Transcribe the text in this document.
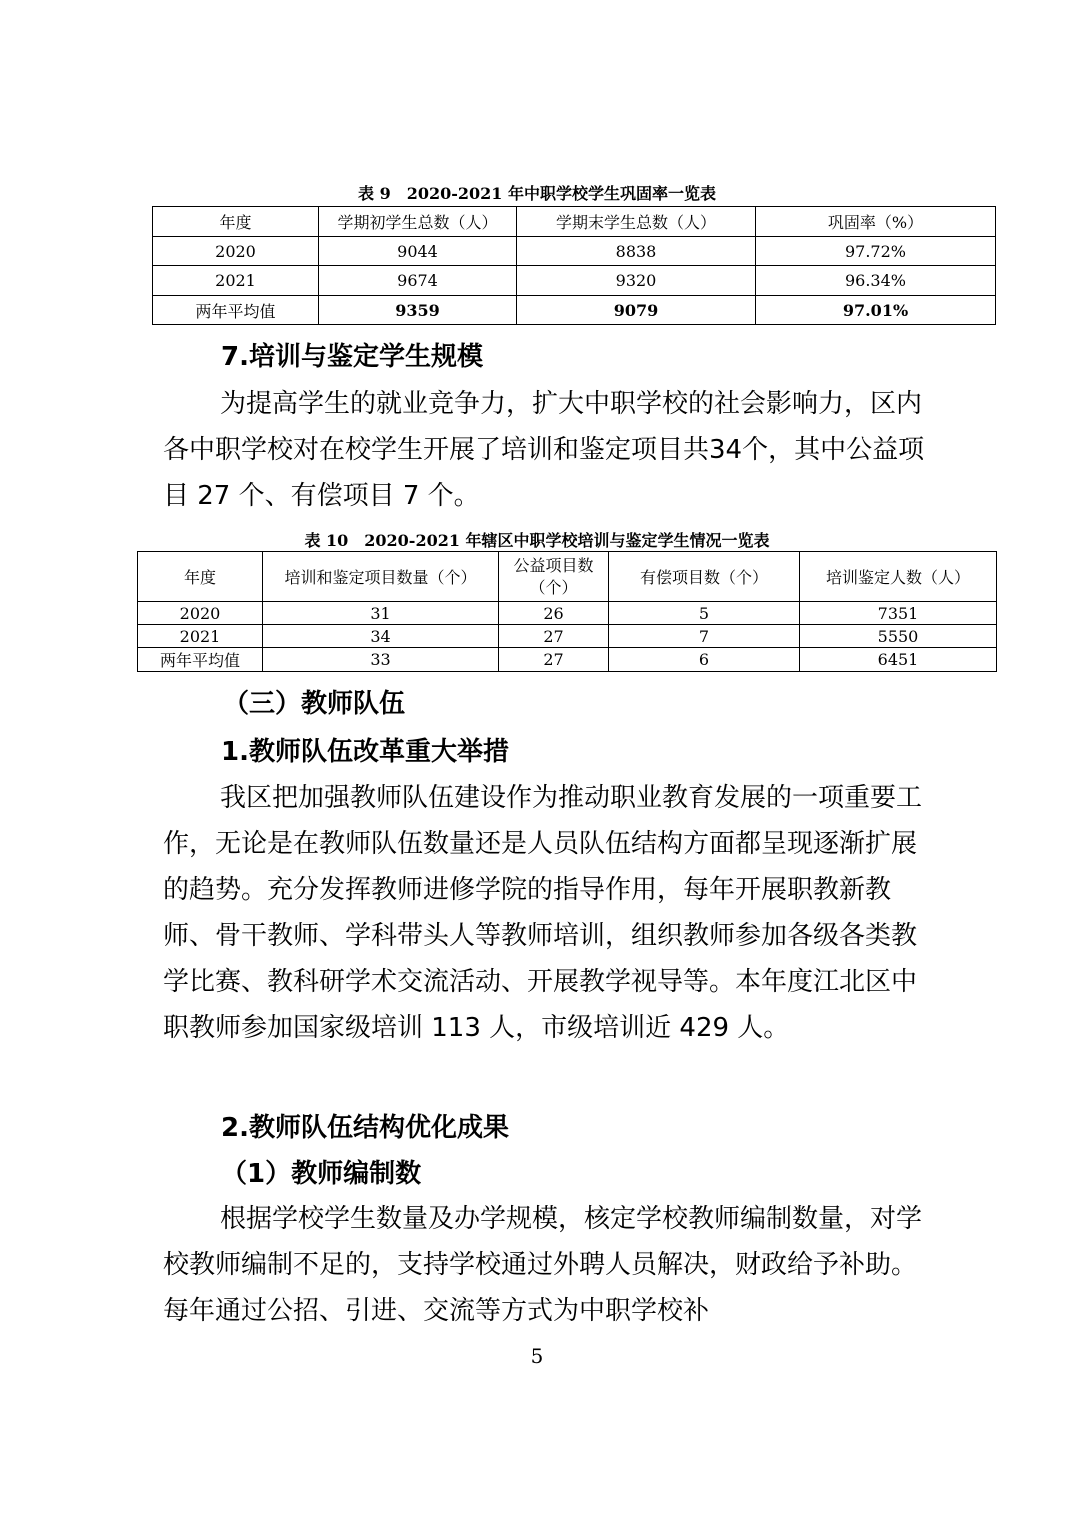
表 9　2020-2021 年中职学校学生巩固率一览表
年度	学期初学生总数（人）	学期末学生总数（人）	巩固率（%）
2020	9044	8838	97.72%
2021	9674	9320	96.34%
两年平均值	9359	9079	97.01%
7.培训与鉴定学生规模

为提高学生的就业竞争力，扩大中职学校的社会影响力，区内各中职学校对在校学生开展了培训和鉴定项目共34个，其中公益项目 27 个、有偿项目 7 个。

表 10　2020-2021 年辖区中职学校培训与鉴定学生情况一览表
年度	培训和鉴定项目数量（个）	公益项目数（个）	有偿项目数（个）	培训鉴定人数（人）
2020	31	26	5	7351
2021	34	27	7	5550
两年平均值	33	27	6	6451
（三）教师队伍
1.教师队伍改革重大举措

我区把加强教师队伍建设作为推动职业教育发展的一项重要工作，无论是在教师队伍数量还是人员队伍结构方面都呈现逐渐扩展的趋势。充分发挥教师进修学院的指导作用，每年开展职教新教师、骨干教师、学科带头人等教师培训，组织教师参加各级各类教学比赛、教科研学术交流活动、开展教学视导等。本年度江北区中职教师参加国家级培训 113 人，市级培训近 429 人。

2.教师队伍结构优化成果
（1）教师编制数

根据学校学生数量及办学规模，核定学校教师编制数量，对学校教师编制不足的，支持学校通过外聘人员解决，财政给予补助。每年通过公招、引进、交流等方式为中职学校补

5
